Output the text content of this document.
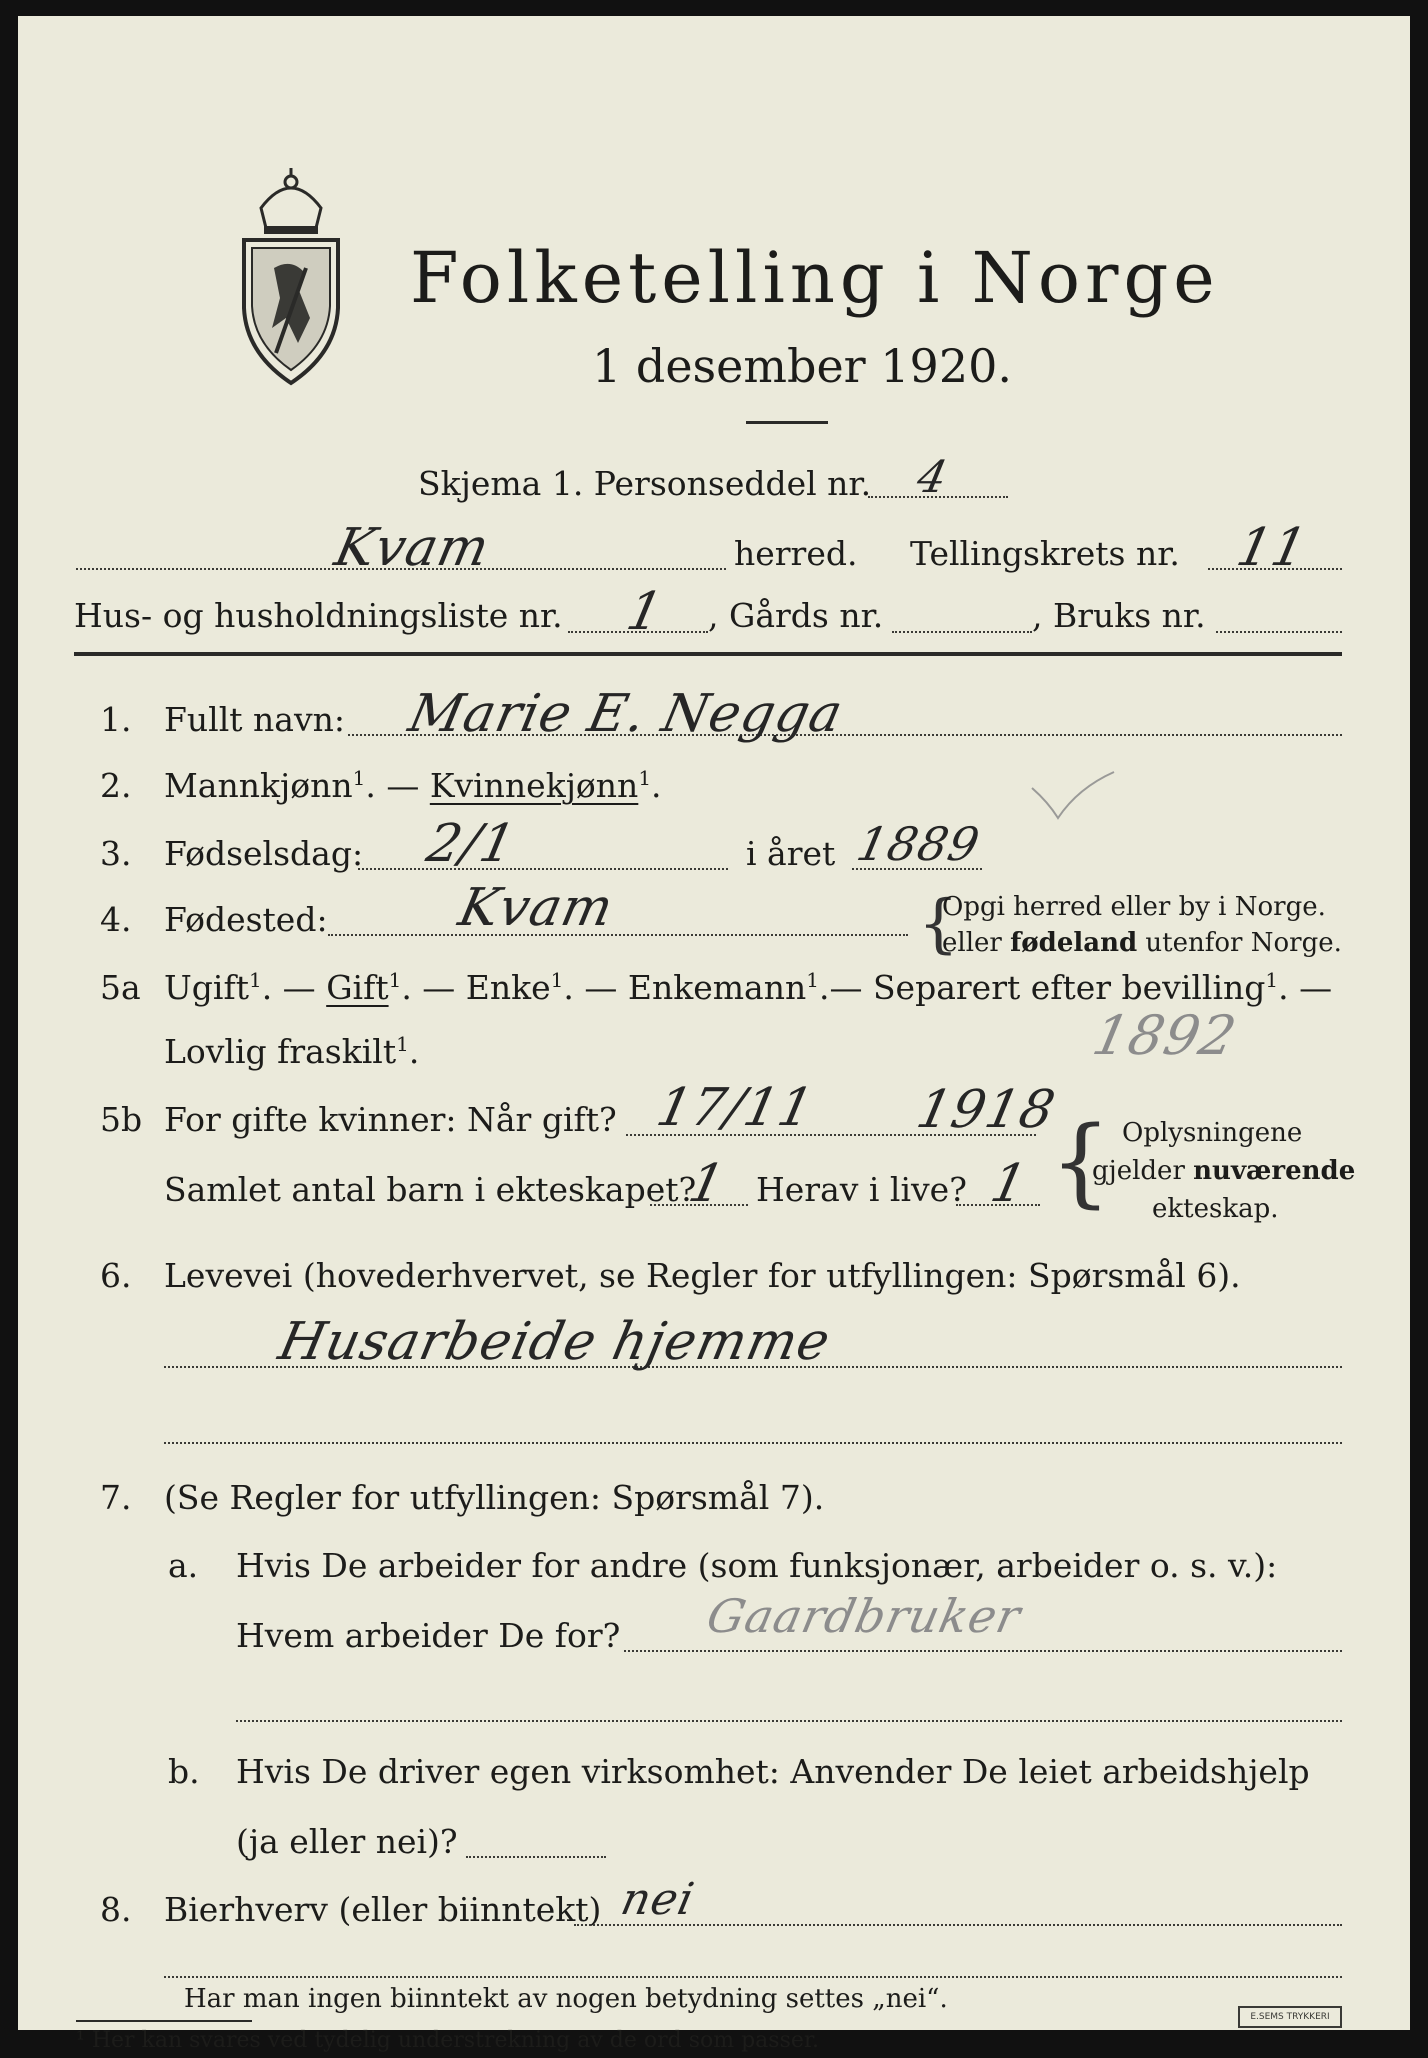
Folketelling i Norge
1 desember 1920.
Skjema 1. Personseddel nr. 4
Kvam	herred. Tellingskrets nr. 11
Hus- og husholdningsliste nr. 1 , Gårds nr.	, Bruks nr.
1. Fullt navn: Marie E. Negga
2. Mannkjønn$^1$. — Kvinnekjønn$^1$.
3. Fødselsdag: 2/1	i året 1889
4. Fødested: Kvam	{
Opgi herred eller by i Norge.
eller fødeland utenfor Norge.
5a Ugift$^1$. — Gift$^1$. — Enke$^1$. — Enkemann$^1$.— Separert efter bevilling$^1$. —
Lovlig fraskilt$^1$.	1892
5b For gifte kvinner: Når gift? 17/11 1918
Samlet antal barn i ekteskapet?
1 Herav i live? 1 { Oplysningene
gjelder nuværende
ekteskap.
6. Levevei (hovederhvervet, se Regler for utfyllingen: Spørsmål 6).
Husarbeide hjemme
7. (Se Regler for utfyllingen: Spørsmål 7).
a. Hvis De arbeider for andre (som funksjonær, arbeider o. s. v.):
Hvem arbeider De for? Gaardbruker
b. Hvis De driver egen virksomhet: Anvender De leiet arbeidshjelp
(ja eller nei)?
8. Bierhverv (eller biinntekt) nei
Har man ingen biinntekt av nogen betydning settes „nei“.
¹ Her kan svares ved tydelig understrekning av de ord som passer.
E.SEMS TRYKKERI
